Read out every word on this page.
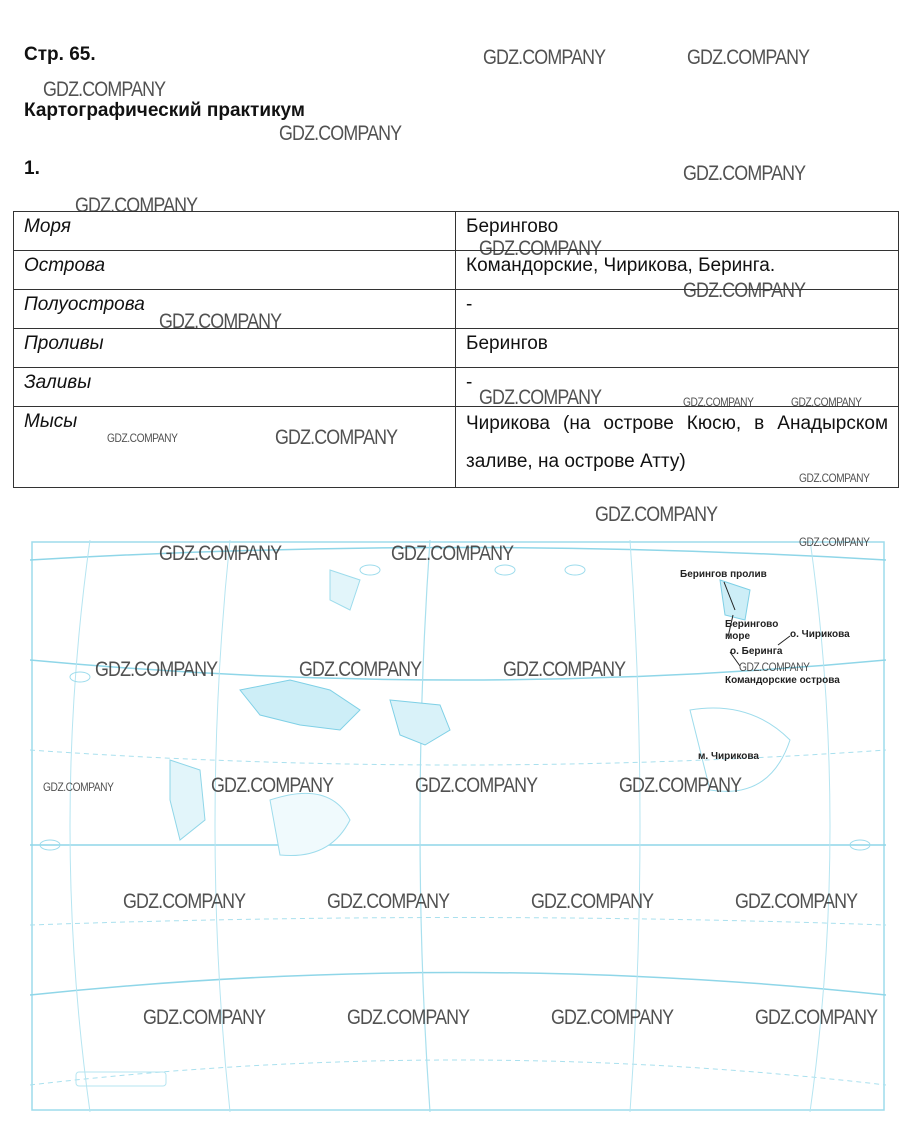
Стр. 65.
Картографический практикум
1.
Моря	Берингово
Острова	Командорские, Чирикова, Беринга.
Полуострова	-
Проливы	Берингов
Заливы	-
Мысы	Чирикова (на острове Кюсю, в Анадырском заливе, на острове Атту)
Берингов пролив
Берингово море	о. Чирикова
о. Беринга
Командорские острова
м. Чирикова
GDZ.COMPANY	GDZ.COMPANY
GDZ.COMPANY
GDZ.COMPANY
GDZ.COMPANY
GDZ.COMPANY
GDZ.COMPANY
GDZ.COMPANY
GDZ.COMPANY
GDZ.COMPANY	GDZ.COMPANY	GDZ.COMPANY
GDZ.COMPANY	GDZ.COMPANY
GDZ.COMPANY
GDZ.COMPANY
GDZ.COMPANY
GDZ.COMPANY	GDZ.COMPANY
GDZ.COMPANY	GDZ.COMPANY	GDZ.COMPANY	GDZ.COMPANY
GDZ.COMPANY	GDZ.COMPANY	GDZ.COMPANY	GDZ.COMPANY
GDZ.COMPANY	GDZ.COMPANY	GDZ.COMPANY	GDZ.COMPANY
GDZ.COMPANY	GDZ.COMPANY	GDZ.COMPANY	GDZ.COMPANY
